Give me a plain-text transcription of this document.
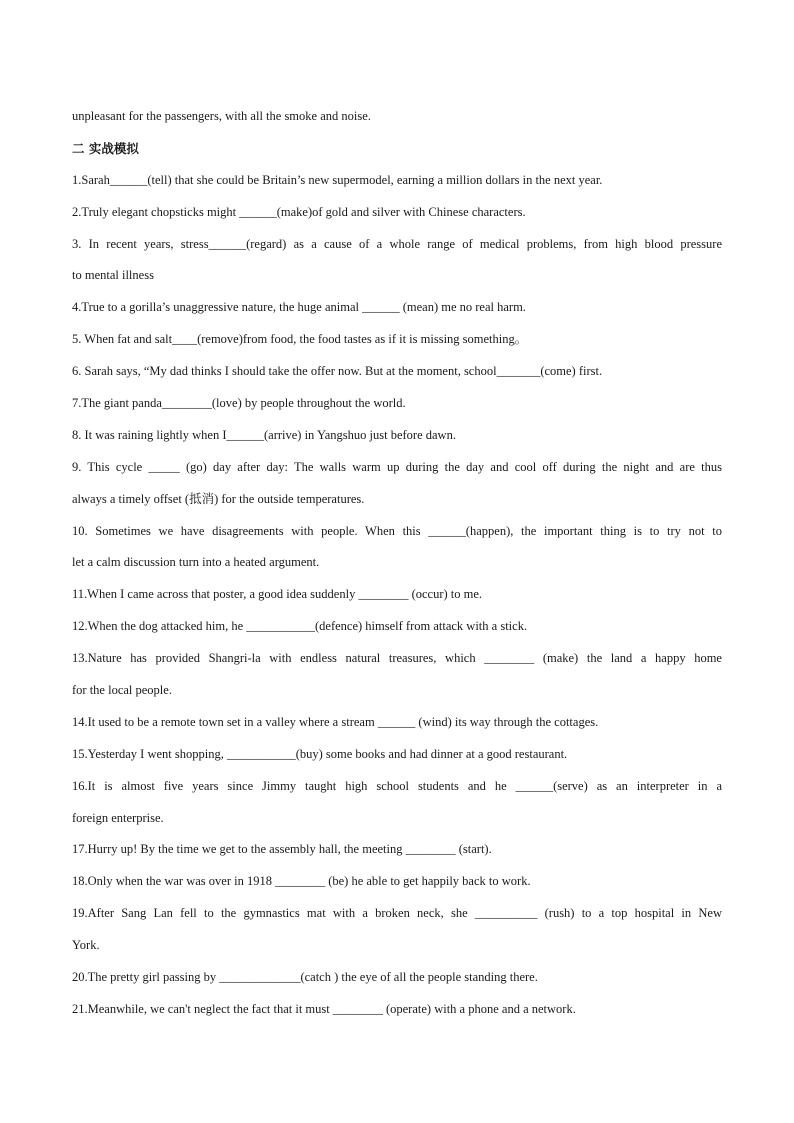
unpleasant for the passengers, with all the smoke and noise.
二 实战模拟
1.Sarah______(tell) that she could be Britain’s new supermodel, earning a million dollars in the next year.
2.Truly elegant chopsticks might ______(make)of gold and silver with Chinese characters.
3. In recent years, stress______(regard) as a cause of a whole range of medical problems, from high blood pressure
to mental illness
4.True to a gorilla’s unaggressive nature, the huge animal ______ (mean) me no real harm.
5. When fat and salt____(remove)from food, the food tastes as if it is missing something。
6. Sarah says, “My dad thinks I should take the offer now. But at the moment, school_______(come) first.
7.The giant panda________(love) by people throughout the world.
8. It was raining lightly when I______(arrive) in Yangshuo just before dawn.
9. This cycle _____ (go) day after day: The walls warm up during the day and cool off during the night and are thus
always a timely offset (抵消) for the outside temperatures.
10. Sometimes we have disagreements with people. When this ______(happen), the important thing is to try not to
let a calm discussion turn into a heated argument.
11.When I came across that poster, a good idea suddenly ________ (occur) to me.
12.When the dog attacked him, he ___________(defence) himself from attack with a stick.
13.Nature has provided Shangri-la with endless natural treasures, which ________ (make) the land a happy home
for the local people.
14.It used to be a remote town set in a valley where a stream ______ (wind) its way through the cottages.
15.Yesterday I went shopping, ___________(buy) some books and had dinner at a good restaurant.
16.It is almost five years since Jimmy taught high school students and he ______(serve) as an interpreter in a
foreign enterprise.
17.Hurry up! By the time we get to the assembly hall, the meeting ________ (start).
18.Only when the war was over in 1918 ________ (be) he able to get happily back to work.
19.After Sang Lan fell to the gymnastics mat with a broken neck, she __________ (rush) to a top hospital in New
York.
20.The pretty girl passing by _____________(catch ) the eye of all the people standing there.
21.Meanwhile, we can't neglect the fact that it must ________ (operate) with a phone and a network.
